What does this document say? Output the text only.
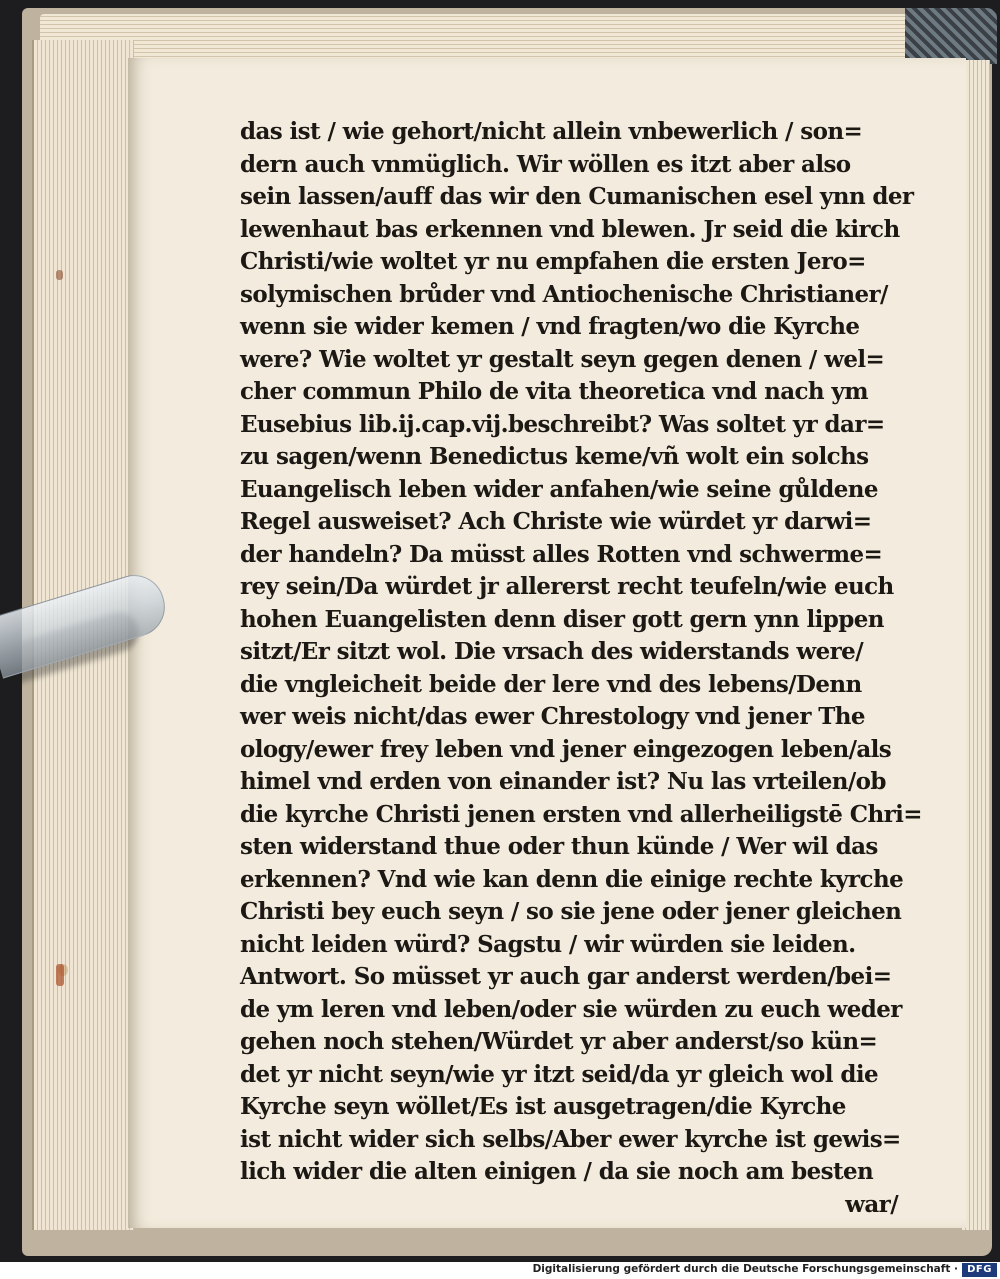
das ist / wie gehort/nicht allein vnbewerlich / son=
dern auch vnmüglich. Wir wöllen es itzt aber also
sein lassen/auff das wir den Cumanischen esel ynn der
lewenhaut bas erkennen vnd blewen. Jr seid die kirch
Christi/wie woltet yr nu empfahen die ersten Jero=
solymischen brůder vnd Antiochenische Christianer/
wenn sie wider kemen / vnd fragten/wo die Kyrche
were? Wie woltet yr gestalt seyn gegen denen / wel=
cher commun Philo de vita theoretica vnd nach ym
Eusebius lib.ij.cap.vij.beschreibt? Was soltet yr dar=
zu sagen/wenn Benedictus keme/vñ wolt ein solchs
Euangelisch leben wider anfahen/wie seine gůldene
Regel ausweiset? Ach Christe wie würdet yr darwi=
der handeln? Da müsst alles Rotten vnd schwerme=
rey sein/Da würdet jr allererst recht teufeln/wie euch
hohen Euangelisten denn diser gott gern ynn lippen
sitzt/Er sitzt wol. Die vrsach des widerstands were/
die vngleicheit beide der lere vnd des lebens/Denn
wer weis nicht/das ewer Chrestology vnd jener The
ology/ewer frey leben vnd jener eingezogen leben/als
himel vnd erden von einander ist? Nu las vrteilen/ob
die kyrche Christi jenen ersten vnd allerheiligstē Chri=
sten widerstand thue oder thun künde / Wer wil das
erkennen? Vnd wie kan denn die einige rechte kyrche
Christi bey euch seyn / so sie jene oder jener gleichen
nicht leiden würd? Sagstu / wir würden sie leiden.
Antwort. So müsset yr auch gar anderst werden/bei=
de ym leren vnd leben/oder sie würden zu euch weder
gehen noch stehen/Würdet yr aber anderst/so kün=
det yr nicht seyn/wie yr itzt seid/da yr gleich wol die
Kyrche seyn wöllet/Es ist ausgetragen/die Kyrche
ist nicht wider sich selbs/Aber ewer kyrche ist gewis=
lich wider die alten einigen / da sie noch am besten
war/
Digitalisierung gefördert durch die Deutsche Forschungsgemeinschaft · DFG
